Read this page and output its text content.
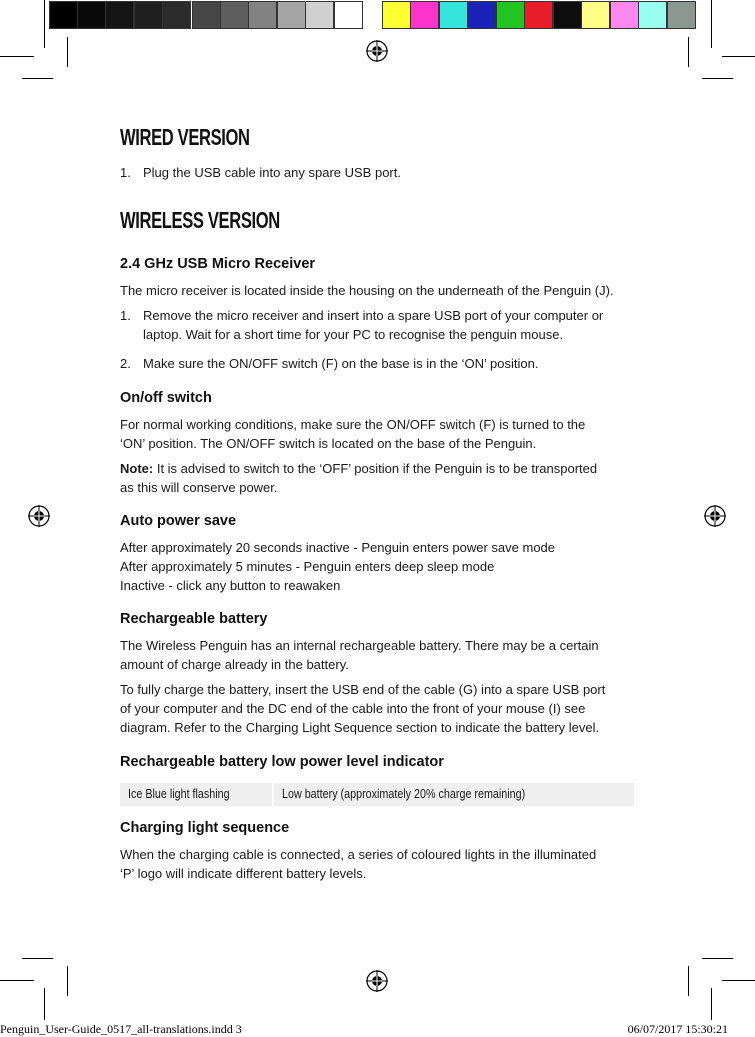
WIRED VERSION
1. Plug the USB cable into any spare USB port.
WIRELESS VERSION
2.4 GHz USB Micro Receiver
The micro receiver is located inside the housing on the underneath of the Penguin (J).
1. Remove the micro receiver and insert into a spare USB port of your computer or
laptop. Wait for a short time for your PC to recognise the penguin mouse.
2. Make sure the ON/OFF switch (F) on the base is in the ‘ON’ position.
On/off switch
For normal working conditions, make sure the ON/OFF switch (F) is turned to the
‘ON’ position. The ON/OFF switch is located on the base of the Penguin.
Note: It is advised to switch to the ‘OFF’ position if the Penguin is to be transported
as this will conserve power.
Auto power save
After approximately 20 seconds inactive - Penguin enters power save mode
After approximately 5 minutes - Penguin enters deep sleep mode
Inactive - click any button to reawaken
Rechargeable battery
The Wireless Penguin has an internal rechargeable battery. There may be a certain
amount of charge already in the battery.
To fully charge the battery, insert the USB end of the cable (G) into a spare USB port
of your computer and the DC end of the cable into the front of your mouse (I) see
diagram. Refer to the Charging Light Sequence section to indicate the battery level.
Rechargeable battery low power level indicator
Ice Blue light flashing	Low battery (approximately 20% charge remaining)
Charging light sequence
When the charging cable is connected, a series of coloured lights in the illuminated
‘P’ logo will indicate different battery levels.
Penguin_User-Guide_0517_all-translations.indd 3	06/07/2017 15:30:21
